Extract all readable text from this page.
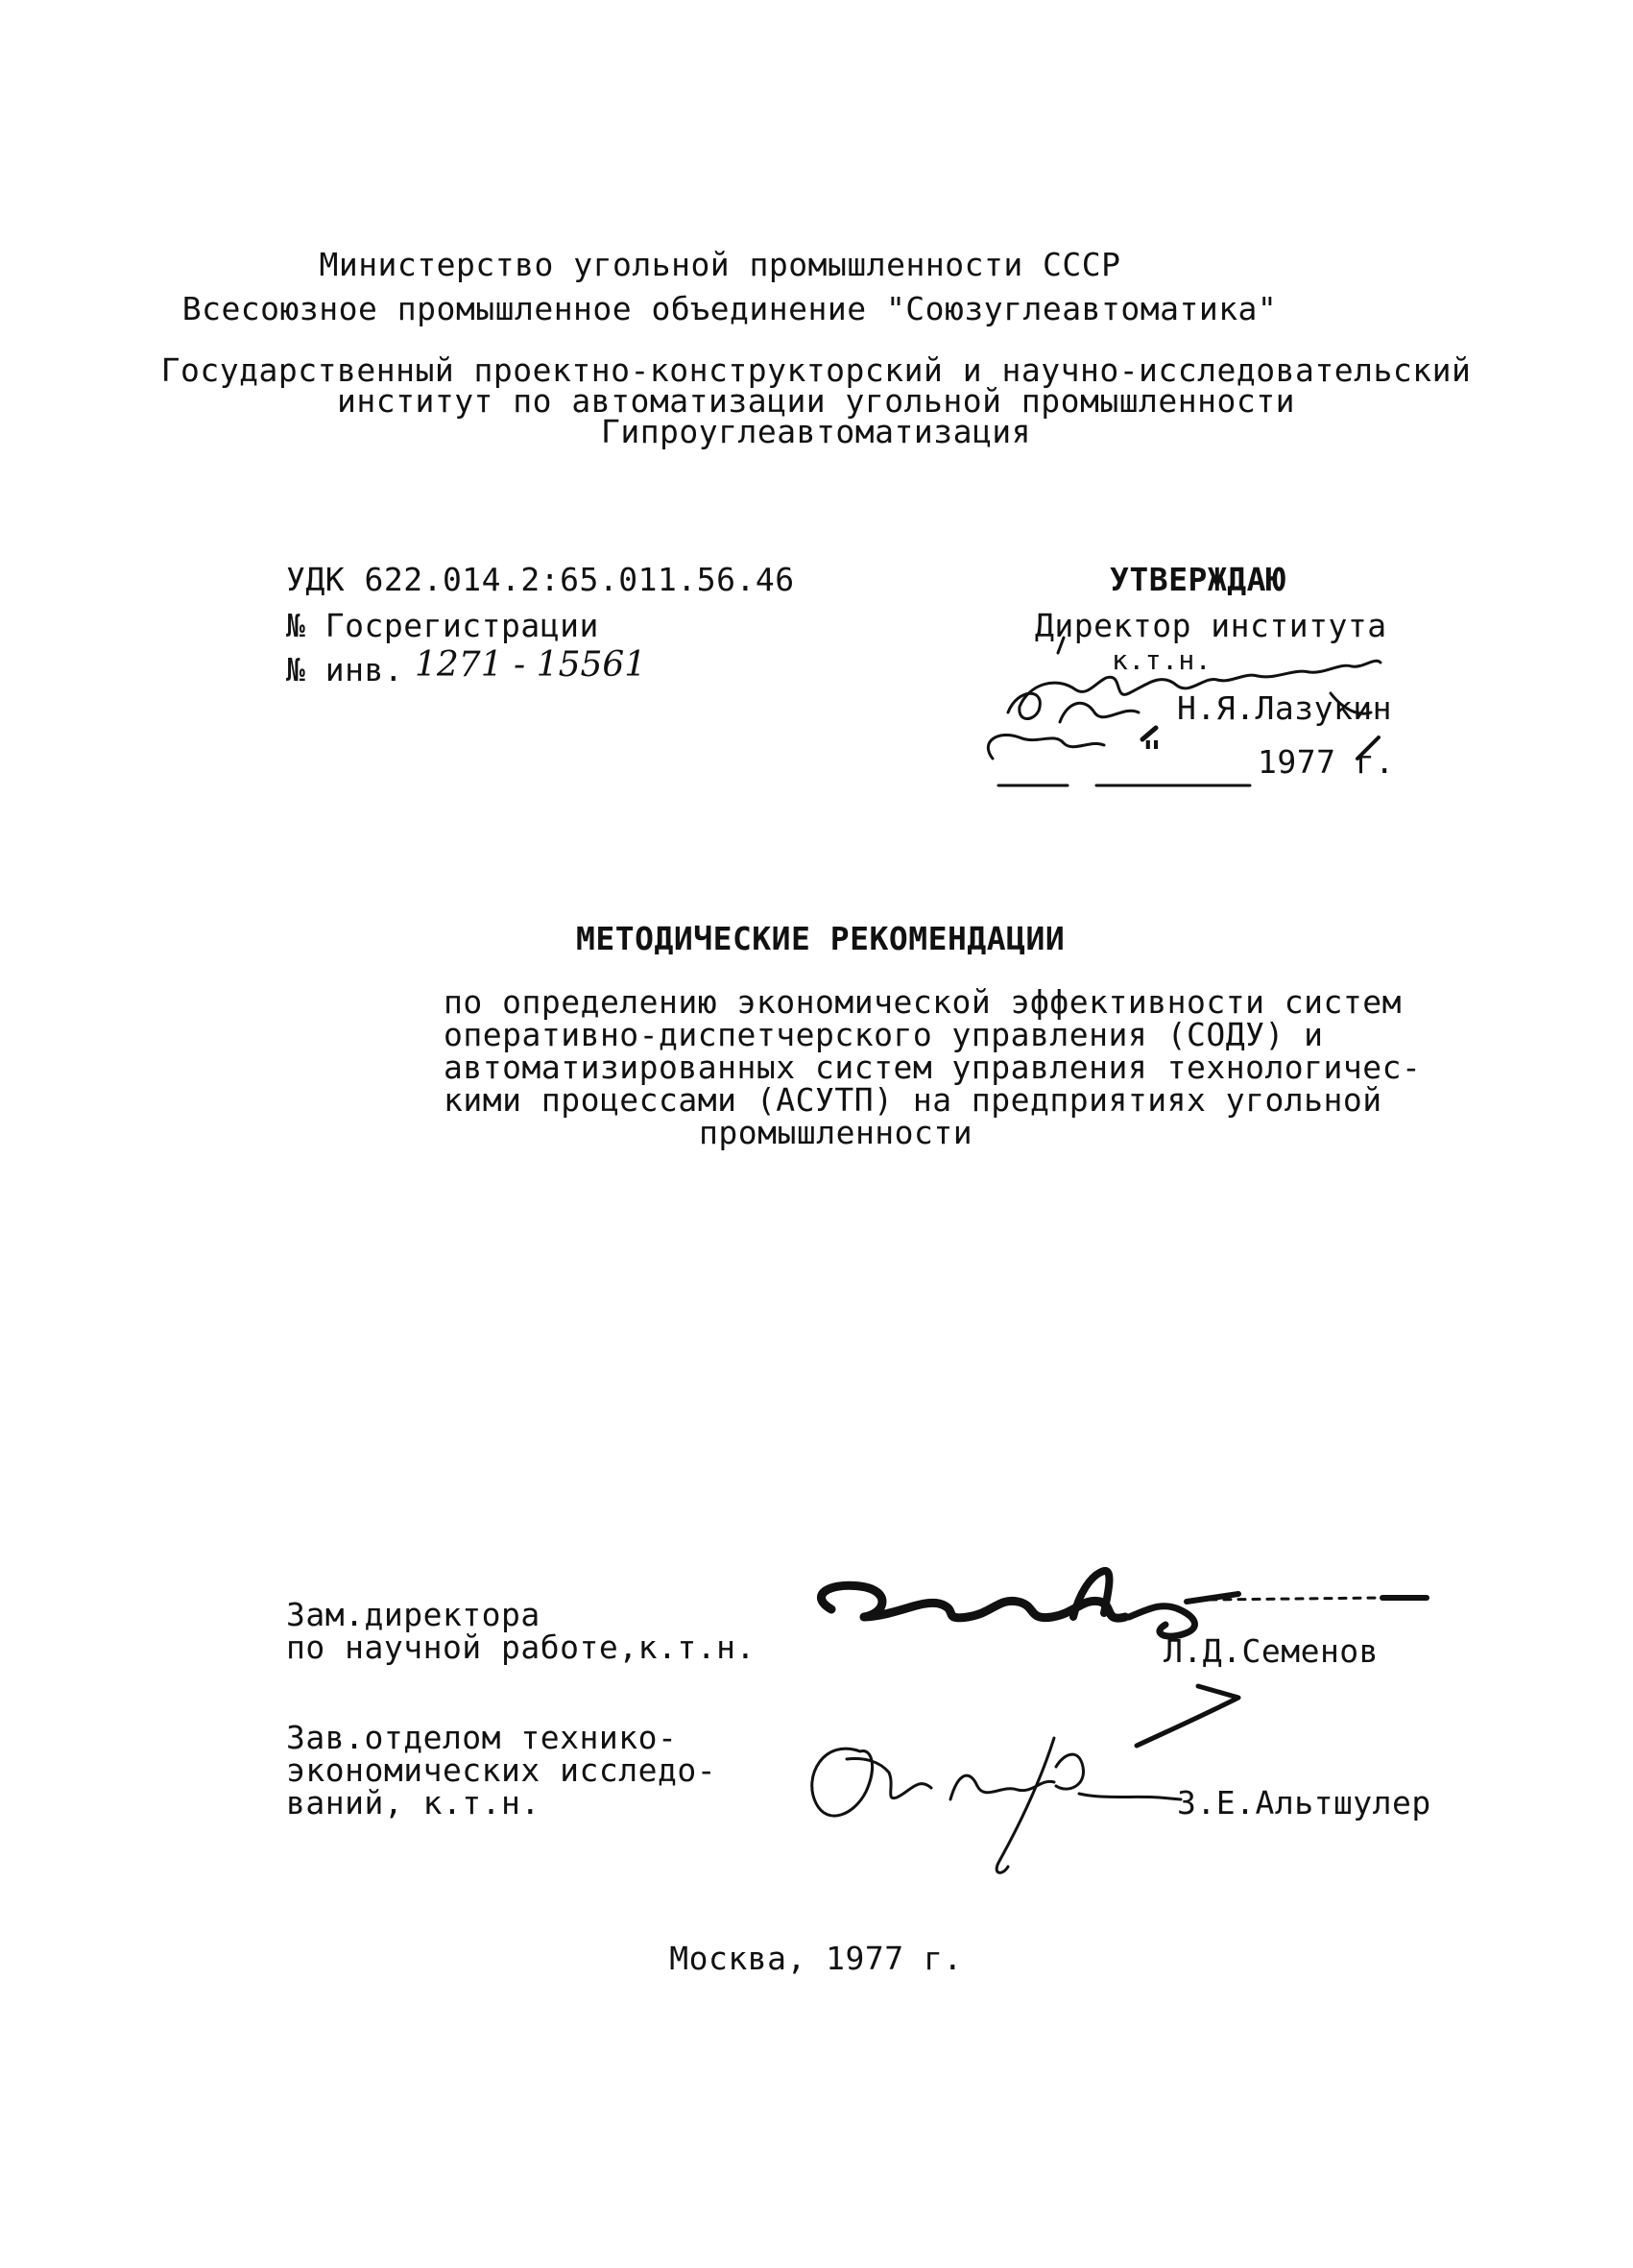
Министерство угольной промышленности СССР
Всесоюзное промышленное объединение "Союзуглеавтоматика"
Государственный проектно-конструкторский и научно-исследовательский
институт по автоматизации угольной промышленности
Гипроуглеавтоматизация
УДК 622.014.2:65.011.56.46
№ Госрегистрации
№ инв. 1271 - 15561
УТВЕРЖДАЮ
Директор института
к.т.н.
Н.Я.Лазукин
"	1977 г.
МЕТОДИЧЕСКИЕ РЕКОМЕНДАЦИИ
по определению экономической эффективности систем
оперативно-диспетчерского управления (СОДУ) и
автоматизированных систем управления технологичес-
кими процессами (АСУТП) на предприятиях угольной
промышленности
Зам.директора
по научной работе,к.т.н.	Л.Д.Семенов
Зав.отделом технико-
экономических исследо-
ваний, к.т.н.	З.Е.Альтшулер
Москва, 1977 г.
